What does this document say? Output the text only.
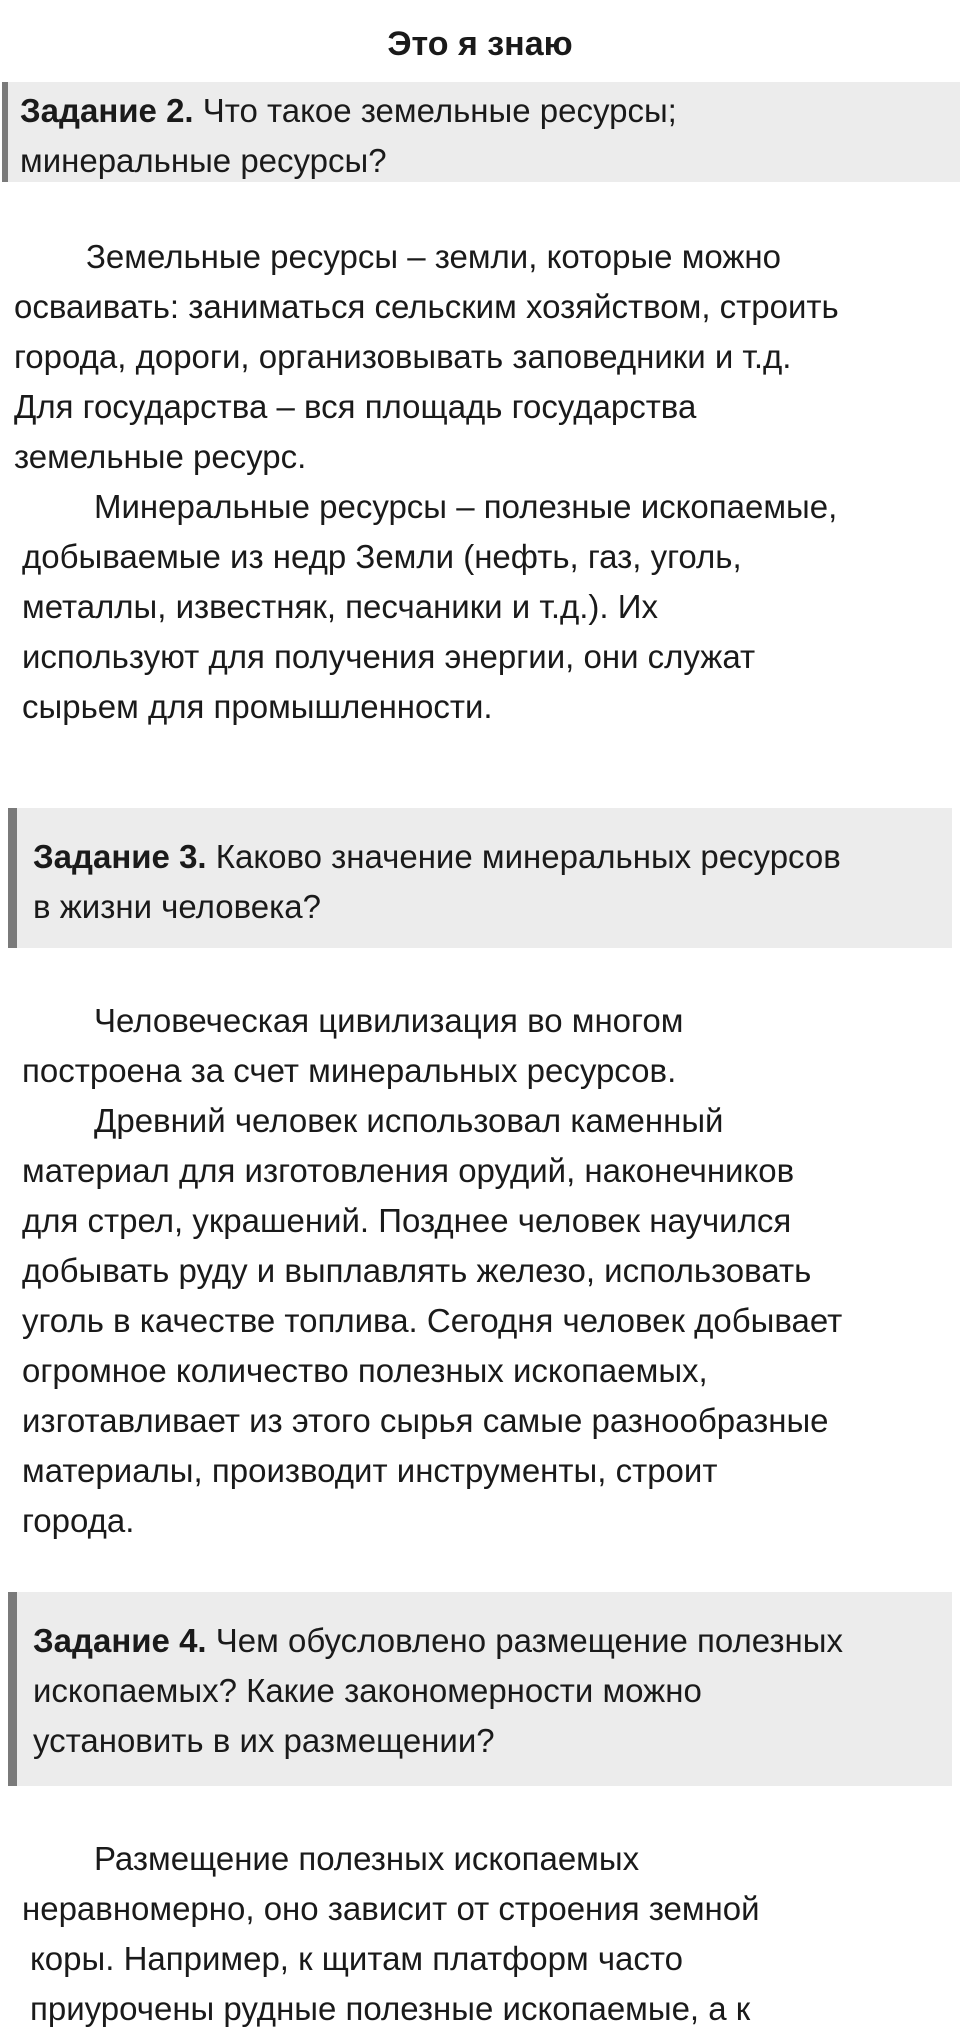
Это я знаю
Задание 2. Что такое земельные ресурсы;
минеральные ресурсы?
Земельные ресурсы – земли, которые можно
осваивать: заниматься сельским хозяйством, строить
города, дороги, организовывать заповедники и т.д.
Для государства – вся площадь государства
земельные ресурс.
Минеральные ресурсы – полезные ископаемые,
добываемые из недр Земли (нефть, газ, уголь,
металлы, известняк, песчаники и т.д.). Их
используют для получения энергии, они служат
сырьем для промышленности.
Задание 3. Каково значение минеральных ресурсов
в жизни человека?
Человеческая цивилизация во многом
построена за счет минеральных ресурсов.
Древний человек использовал каменный
материал для изготовления орудий, наконечников
для стрел, украшений. Позднее человек научился
добывать руду и выплавлять железо, использовать
уголь в качестве топлива. Сегодня человек добывает
огромное количество полезных ископаемых,
изготавливает из этого сырья самые разнообразные
материалы, производит инструменты, строит
города.
Задание 4. Чем обусловлено размещение полезных
ископаемых? Какие закономерности можно
установить в их размещении?
Размещение полезных ископаемых
неравномерно, оно зависит от строения земной
коры. Например, к щитам платформ часто
приурочены рудные полезные ископаемые, а к
